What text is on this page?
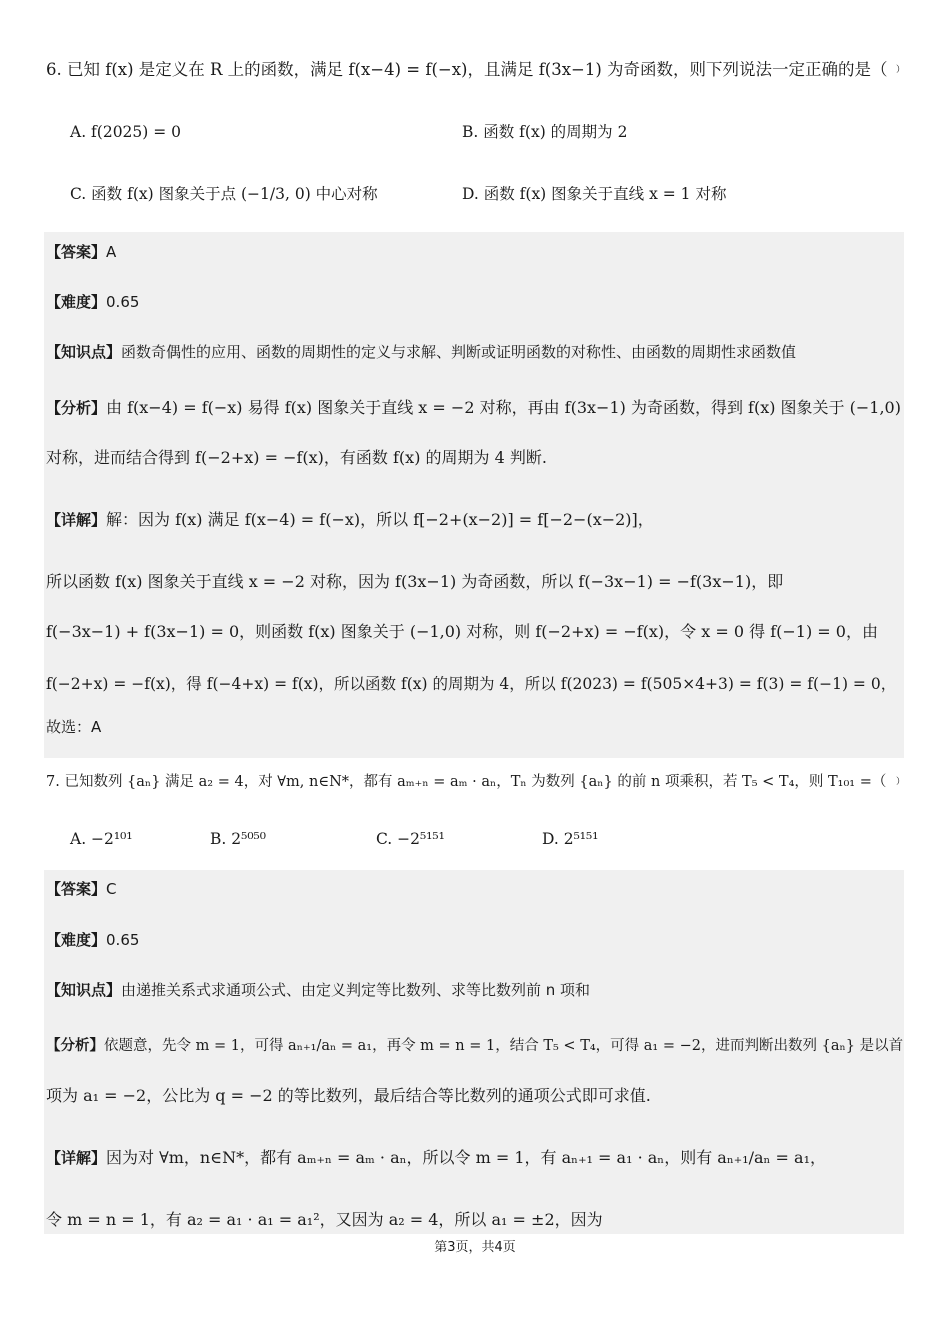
6. 已知 f(x) 是定义在 R 上的函数，满足 f(x−4) = f(−x)，且满足 f(3x−1) 为奇函数，则下列说法一定正确的是（ ）
A. f(2025) = 0	B. 函数 f(x) 的周期为 2
C. 函数 f(x) 图象关于点 (−1/3, 0) 中心对称	D. 函数 f(x) 图象关于直线 x = 1 对称
【答案】A
【难度】0.65
【知识点】函数奇偶性的应用、函数的周期性的定义与求解、判断或证明函数的对称性、由函数的周期性求函数值
【分析】由 f(x−4) = f(−x) 易得 f(x) 图象关于直线 x = −2 对称，再由 f(3x−1) 为奇函数，得到 f(x) 图象关于 (−1,0)
对称，进而结合得到 f(−2+x) = −f(x)，有函数 f(x) 的周期为 4 判断.
【详解】解：因为 f(x) 满足 f(x−4) = f(−x)，所以 f[−2+(x−2)] = f[−2−(x−2)]，
所以函数 f(x) 图象关于直线 x = −2 对称，因为 f(3x−1) 为奇函数，所以 f(−3x−1) = −f(3x−1)，即
f(−3x−1) + f(3x−1) = 0，则函数 f(x) 图象关于 (−1,0) 对称，则 f(−2+x) = −f(x)，令 x = 0 得 f(−1) = 0，由
f(−2+x) = −f(x)，得 f(−4+x) = f(x)，所以函数 f(x) 的周期为 4，所以 f(2023) = f(505×4+3) = f(3) = f(−1) = 0，
故选：A
7. 已知数列 {aₙ} 满足 a₂ = 4，对 ∀m, n∈N*，都有 aₘ₊ₙ = aₘ · aₙ，Tₙ 为数列 {aₙ} 的前 n 项乘积，若 T₅ < T₄，则 T₁₀₁ =（ ）
A. −2¹⁰¹	B. 2⁵⁰⁵⁰	C. −2⁵¹⁵¹	D. 2⁵¹⁵¹
【答案】C
【难度】0.65
【知识点】由递推关系式求通项公式、由定义判定等比数列、求等比数列前 n 项和
【分析】依题意，先令 m = 1，可得 aₙ₊₁/aₙ = a₁，再令 m = n = 1，结合 T₅ < T₄，可得 a₁ = −2，进而判断出数列 {aₙ} 是以首
项为 a₁ = −2，公比为 q = −2 的等比数列，最后结合等比数列的通项公式即可求值.
【详解】因为对 ∀m，n∈N*，都有 aₘ₊ₙ = aₘ · aₙ，所以令 m = 1，有 aₙ₊₁ = a₁ · aₙ，则有 aₙ₊₁/aₙ = a₁，
令 m = n = 1，有 a₂ = a₁ · a₁ = a₁²，又因为 a₂ = 4，所以 a₁ = ±2，因为
第3页，共4页
